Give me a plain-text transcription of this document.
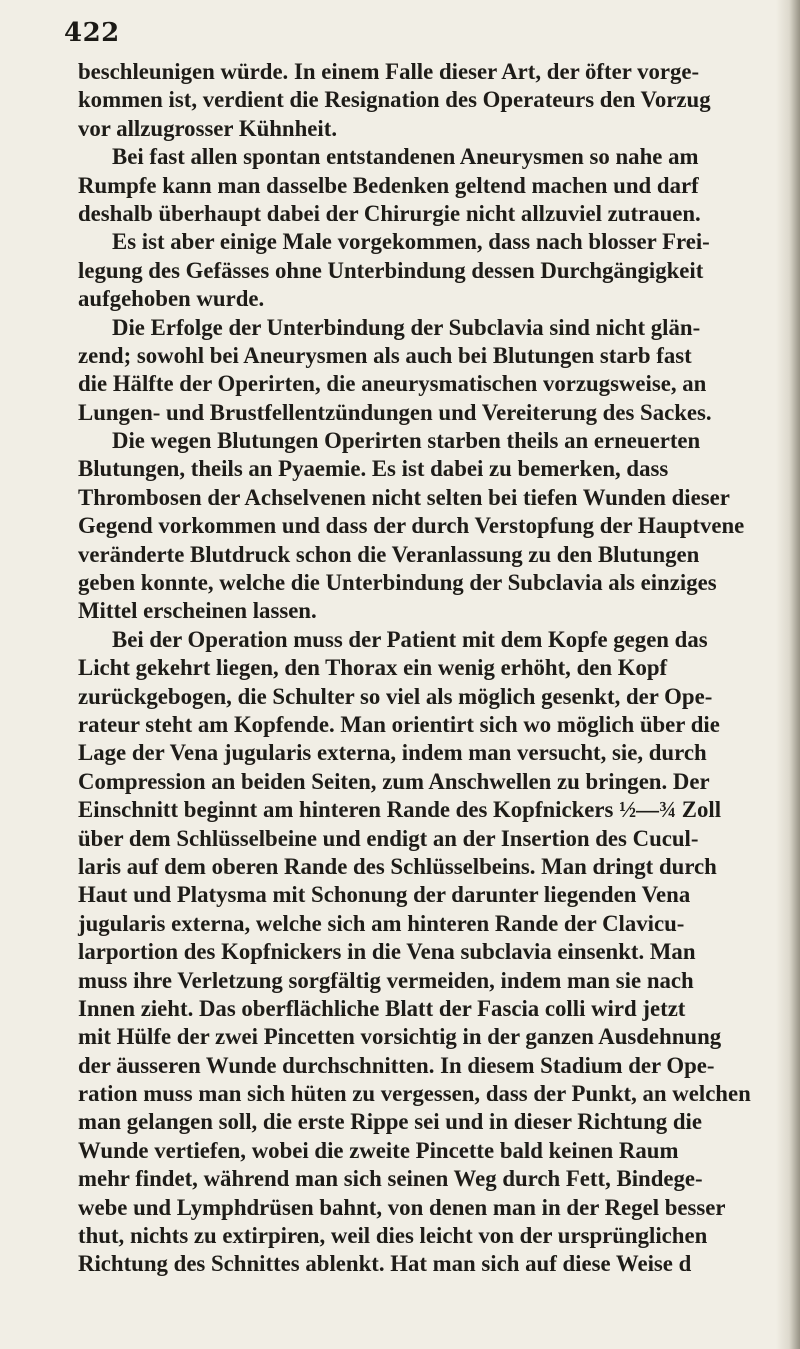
422
beschleunigen würde. In einem Falle dieser Art, der öfter vorge-
kommen ist, verdient die Resignation des Operateurs den Vorzug
vor allzugrosser Kühnheit.
Bei fast allen spontan entstandenen Aneurysmen so nahe am
Rumpfe kann man dasselbe Bedenken geltend machen und darf
deshalb überhaupt dabei der Chirurgie nicht allzuviel zutrauen.
Es ist aber einige Male vorgekommen, dass nach blosser Frei-
legung des Gefässes ohne Unterbindung dessen Durchgängigkeit
aufgehoben wurde.
Die Erfolge der Unterbindung der Subclavia sind nicht glän-
zend; sowohl bei Aneurysmen als auch bei Blutungen starb fast
die Hälfte der Operirten, die aneurysmatischen vorzugsweise, an
Lungen- und Brustfellentzündungen und Vereiterung des Sackes.
Die wegen Blutungen Operirten starben theils an erneuerten
Blutungen, theils an Pyaemie. Es ist dabei zu bemerken, dass
Thrombosen der Achselvenen nicht selten bei tiefen Wunden dieser
Gegend vorkommen und dass der durch Verstopfung der Hauptvene
veränderte Blutdruck schon die Veranlassung zu den Blutungen
geben konnte, welche die Unterbindung der Subclavia als einziges
Mittel erscheinen lassen.
Bei der Operation muss der Patient mit dem Kopfe gegen das
Licht gekehrt liegen, den Thorax ein wenig erhöht, den Kopf
zurückgebogen, die Schulter so viel als möglich gesenkt, der Ope-
rateur steht am Kopfende. Man orientirt sich wo möglich über die
Lage der Vena jugularis externa, indem man versucht, sie, durch
Compression an beiden Seiten, zum Anschwellen zu bringen. Der
Einschnitt beginnt am hinteren Rande des Kopfnickers ½—¾ Zoll
über dem Schlüsselbeine und endigt an der Insertion des Cucul-
laris auf dem oberen Rande des Schlüsselbeins. Man dringt durch
Haut und Platysma mit Schonung der darunter liegenden Vena
jugularis externa, welche sich am hinteren Rande der Clavicu-
larportion des Kopfnickers in die Vena subclavia einsenkt. Man
muss ihre Verletzung sorgfältig vermeiden, indem man sie nach
Innen zieht. Das oberflächliche Blatt der Fascia colli wird jetzt
mit Hülfe der zwei Pincetten vorsichtig in der ganzen Ausdehnung
der äusseren Wunde durchschnitten. In diesem Stadium der Ope-
ration muss man sich hüten zu vergessen, dass der Punkt, an welchen
man gelangen soll, die erste Rippe sei und in dieser Richtung die
Wunde vertiefen, wobei die zweite Pincette bald keinen Raum
mehr findet, während man sich seinen Weg durch Fett, Bindege-
webe und Lymphdrüsen bahnt, von denen man in der Regel besser
thut, nichts zu extirpiren, weil dies leicht von der ursprünglichen
Richtung des Schnittes ablenkt. Hat man sich auf diese Weise d
